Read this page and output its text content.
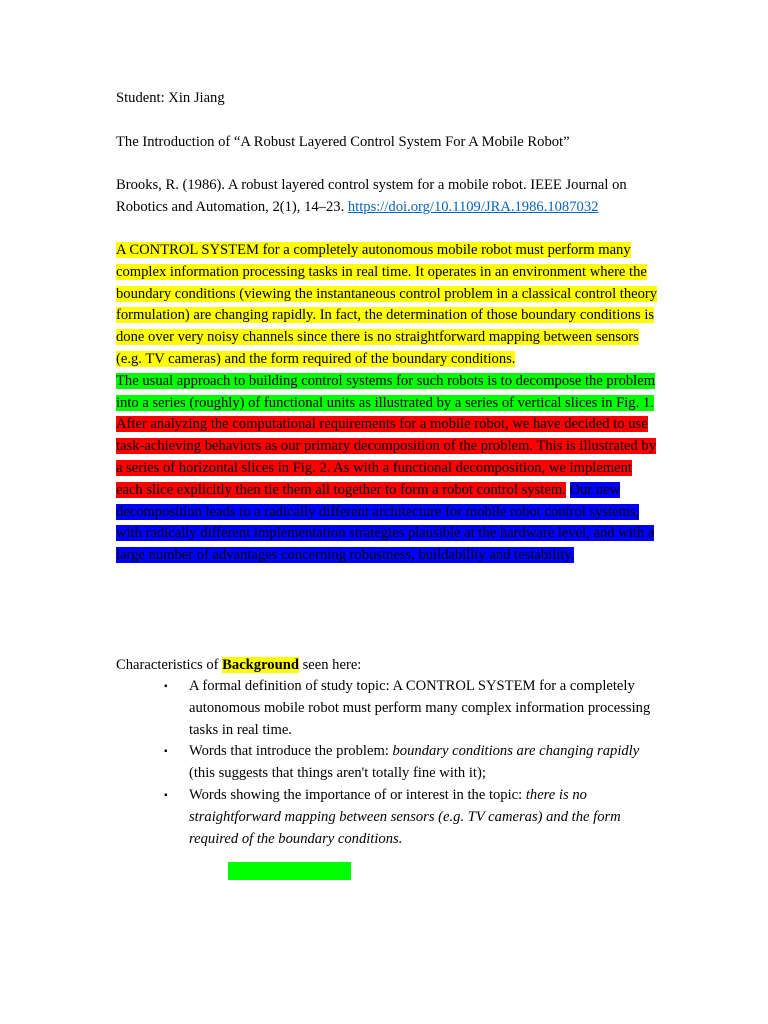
Student: Xin Jiang
The Introduction of “A Robust Layered Control System For A Mobile Robot”
Brooks, R. (1986). A robust layered control system for a mobile robot. IEEE Journal on Robotics and Automation, 2(1), 14–23. https://doi.org/10.1109/JRA.1986.1087032
A CONTROL SYSTEM for a completely autonomous mobile robot must perform many complex information processing tasks in real time. It operates in an environment where the boundary conditions (viewing the instantaneous control problem in a classical control theory formulation) are changing rapidly. In fact, the determination of those boundary conditions is done over very noisy channels since there is no straightforward mapping between sensors (e.g. TV cameras) and the form required of the boundary conditions.
The usual approach to building control systems for such robots is to decompose the problem into a series (roughly) of functional units as illustrated by a series of vertical slices in Fig. 1. After analyzing the computational requirements for a mobile robot, we have decided to use task-achieving behaviors as our primary decomposition of the problem. This is illustrated by a series of horizontal slices in Fig. 2. As with a functional decomposition, we implement each slice explicitly then tie them all together to form a robot control system. Our new decomposition leads to a radically different architecture for mobile robot control systems, with radically different implementation strategies plausible at the hardware level, and with a large number of advantages concerning robustness, buildability and testability.
Characteristics of Background seen here:
▪ A formal definition of study topic: A CONTROL SYSTEM for a completely autonomous mobile robot must perform many complex information processing tasks in real time.
▪ Words that introduce the problem: boundary conditions are changing rapidly (this suggests that things aren't totally fine with it);
▪ Words showing the importance of or interest in the topic: there is no straightforward mapping between sensors (e.g. TV cameras) and the form required of the boundary conditions.
